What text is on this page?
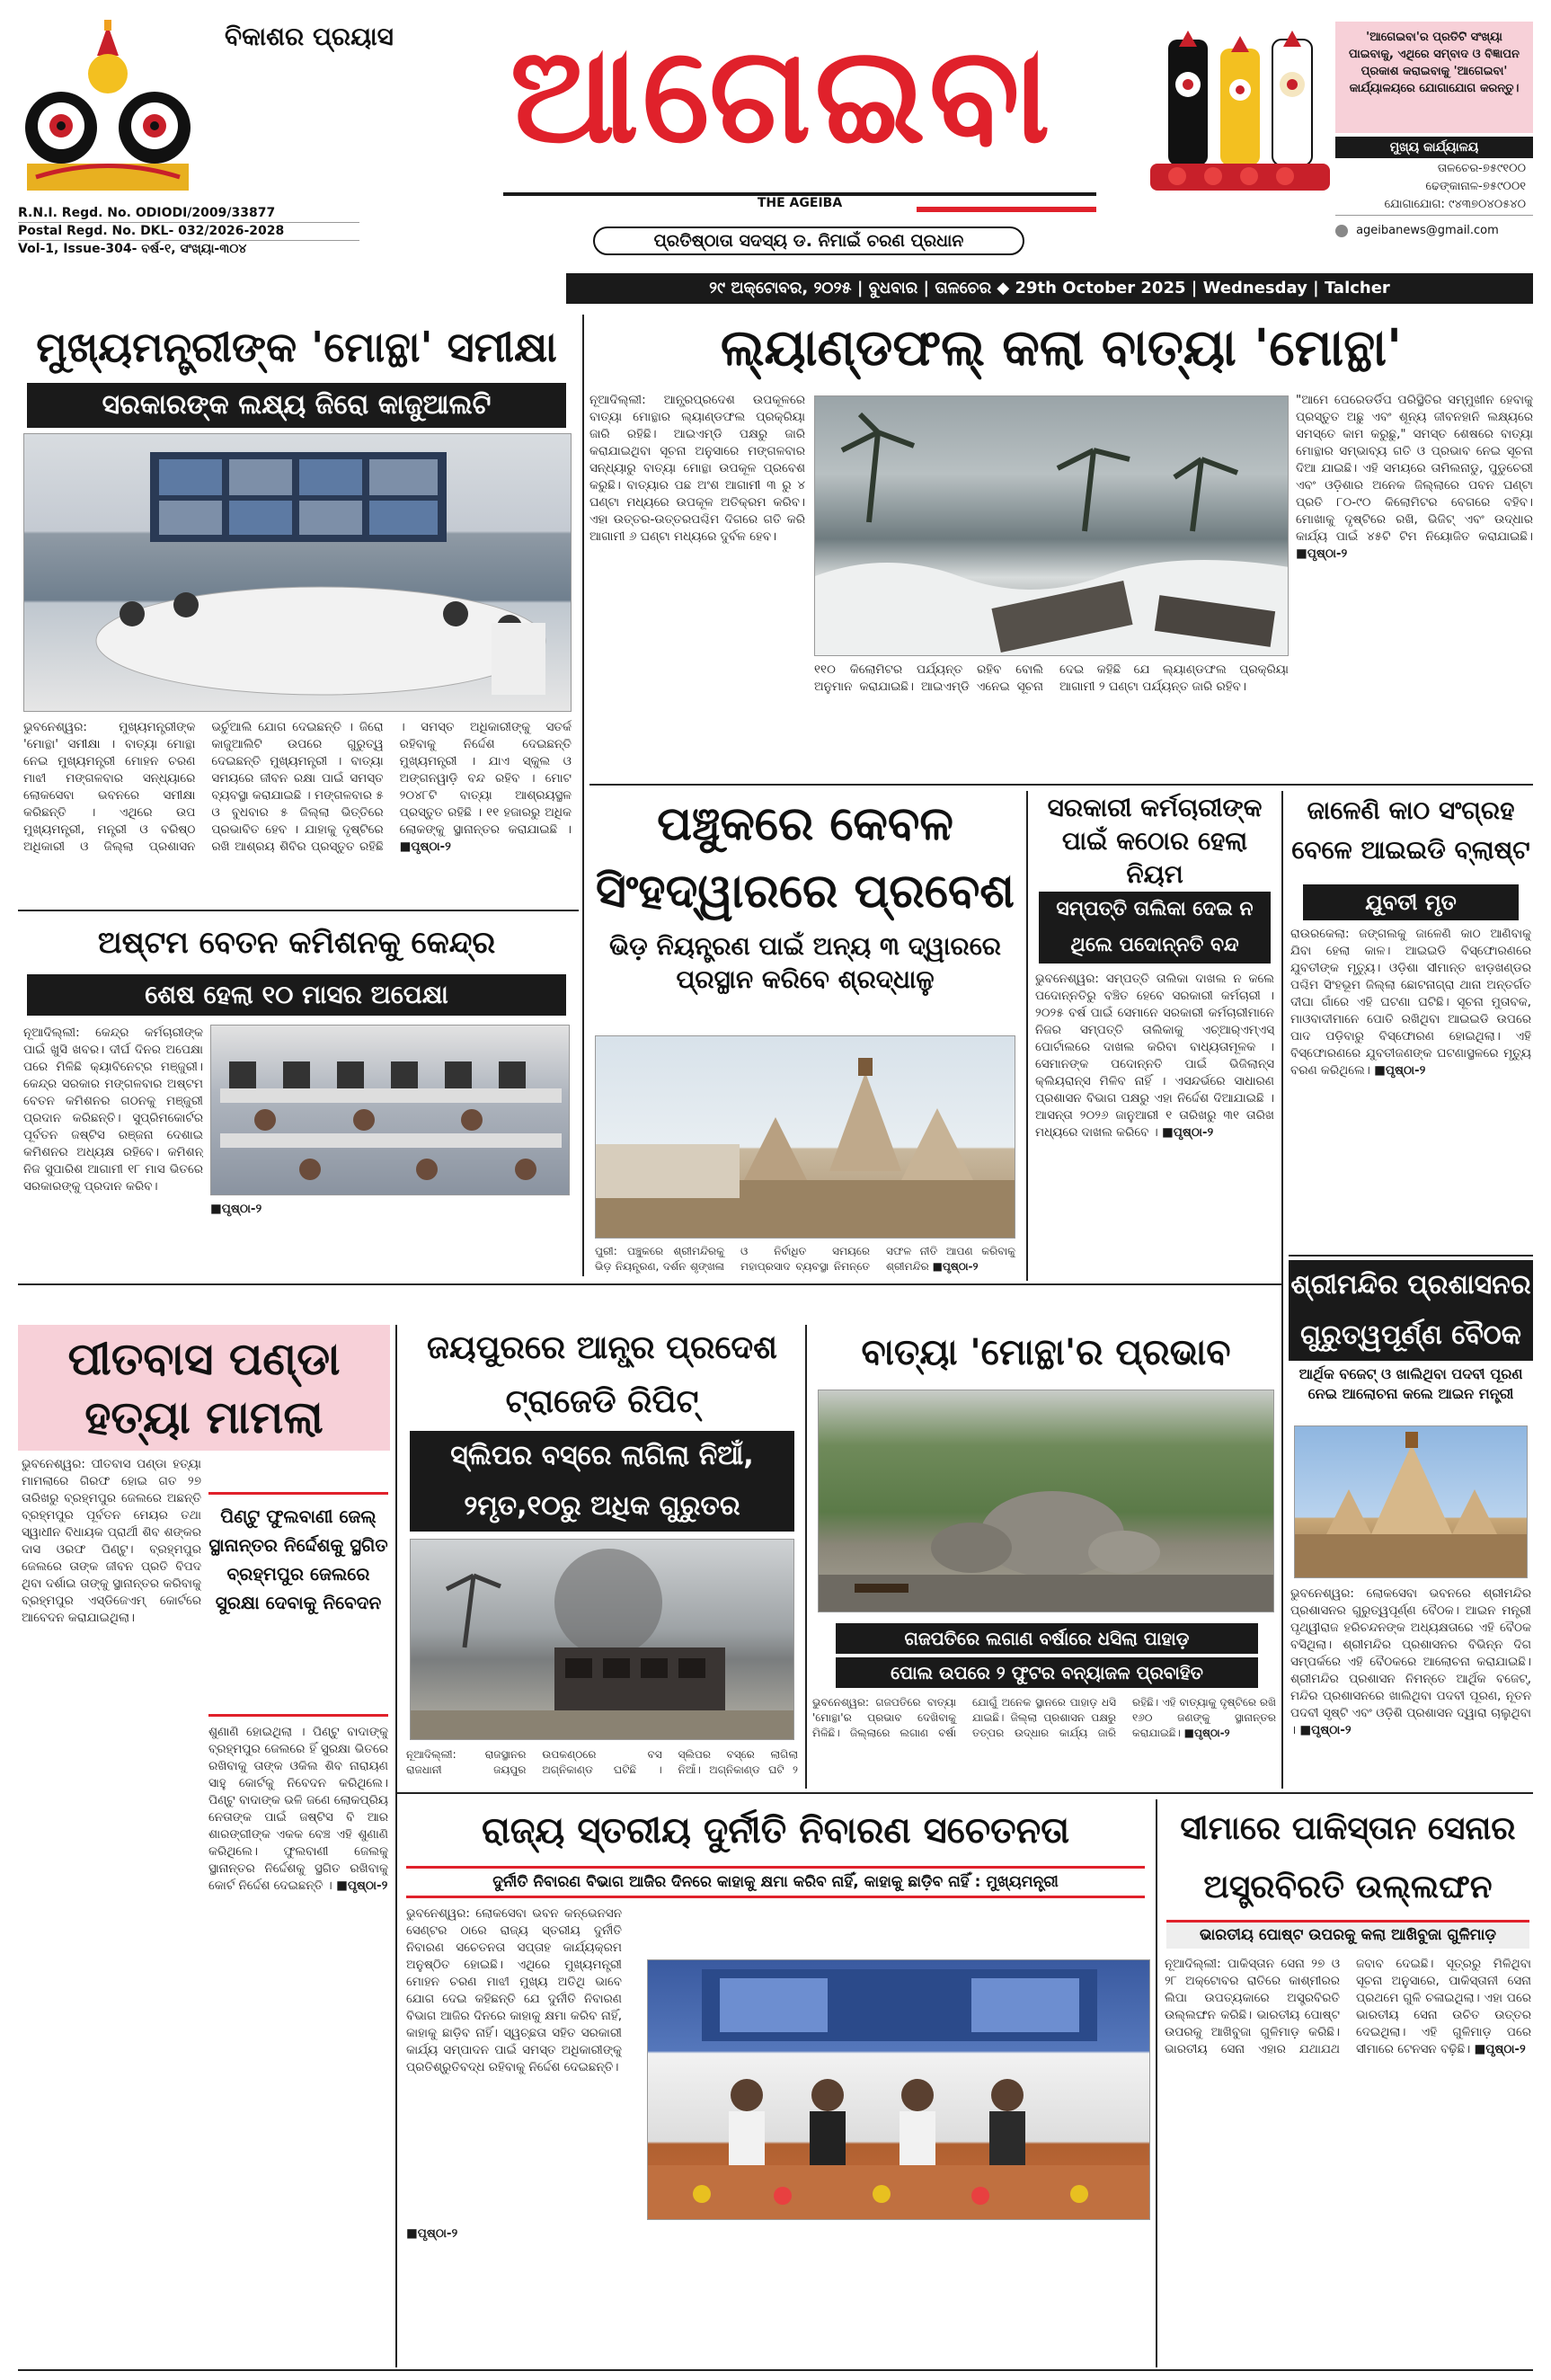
ବିକାଶର ପ୍ରୟାସ ଆଗେଇବା
THE AGEIBA
ପ୍ରତିଷ୍ଠାତା ସଦସ୍ୟ ଡ. ନିମାଇଁ ଚରଣ ପ୍ରଧାନ
'ଆଗେଇବା'ର ପ୍ରତିଟି ସଂଖ୍ୟା ପାଇବାକୁ, ଏଥିରେ ସମ୍ବାଦ ଓ ବିଜ୍ଞାପନ ପ୍ରକାଶ କରାଇବାକୁ 'ଆଗେଇବା' କାର୍ଯ୍ୟାଳୟରେ ଯୋଗାଯୋଗ କରନ୍ତୁ।
ମୁଖ୍ୟ କାର୍ଯ୍ୟାଳୟ
ତାଳଚେର-୭୫୯୧୦୦
ଢେଙ୍କାନାଳ-୭୫୯୦୦୧
ଯୋଗାଯୋଗ: ୯୪୩୭୦୪୦୫୪୦
ageibanews@gmail.com
R.N.I. Regd. No. ODIODI/2009/33877
Postal Regd. No. DKL- 032/2026-2028
Vol-1, Issue-304- ବର୍ଷ-୧, ସଂଖ୍ୟା-୩୦୪
୨୯ ଅକ୍ଟୋବର, ୨୦୨୫ | ବୁଧବାର | ତାଳଚେର ◆ 29th October 2025 | Wednesday | Talcher
ମୁଖ୍ୟମନ୍ତ୍ରୀଙ୍କ 'ମୋନ୍ଥା' ସମୀକ୍ଷା
ସରକାରଙ୍କ ଲକ୍ଷ୍ୟ ଜିରୋ କାଜୁଆଲଟି
ଭୁବନେଶ୍ୱର: ମୁଖ୍ୟମନ୍ତ୍ରୀଙ୍କ 'ମୋନ୍ଥା' ସମୀକ୍ଷା । ବାତ୍ୟା ମୋନ୍ଥା ନେଇ ମୁଖ୍ୟମନ୍ତ୍ରୀ ମୋହନ ଚରଣ ମାଝୀ ମଙ୍ଗଳବାର ସନ୍ଧ୍ୟାରେ ଲୋକସେବା ଭବନରେ ସମୀକ୍ଷା କରିଛନ୍ତି । ଏଥିରେ ଉପ ମୁଖ୍ୟମନ୍ତ୍ରୀ, ମନ୍ତ୍ରୀ ଓ ବରିଷ୍ଠ ଅଧିକାରୀ ଓ ଜିଲ୍ଲା ପ୍ରଶାସନ ଭର୍ଚୁଆଲି ଯୋଗ ଦେଇଛନ୍ତି । ଜିରୋ କାଜୁଆଲିଟି ଉପରେ ଗୁରୁତ୍ୱ ଦେଇଛନ୍ତି ମୁଖ୍ୟମନ୍ତ୍ରୀ । ବାତ୍ୟା ସମୟରେ ଜୀବନ ରକ୍ଷା ପାଇଁ ସମସ୍ତ ବ୍ୟବସ୍ଥା କରାଯାଇଛି । ମଙ୍ଗଳବାର ୫ ଓ ବୁଧବାର ୫ ଜିଲ୍ଲା ଭିତ୍ତିରେ ପ୍ରଭାବିତ ହେବ । ଯାହାକୁ ଦୃଷ୍ଟିରେ ରଖି ଆଶ୍ରୟ ଶିବିର ପ୍ରସ୍ତୁତ ରହିଛି । ସମସ୍ତ ଅଧିକାରୀଙ୍କୁ ସତର୍କ ରହିବାକୁ ନିର୍ଦ୍ଦେଶ ଦେଇଛନ୍ତି ମୁଖ୍ୟମନ୍ତ୍ରୀ । ଯାଏ ସ୍କୁଲ ଓ ଅଙ୍ଗନୱାଡ଼ି ବନ୍ଦ ରହିବ । ମୋଟ ୨୦୪୮ଟି ବାତ୍ୟା ଆଶ୍ରୟସ୍ଥଳ ପ୍ରସ୍ତୁତ ରହିଛି । ୧୧ ହଜାରରୁ ଅଧିକ ଲୋକଙ୍କୁ ସ୍ଥାନାନ୍ତର କରାଯାଇଛି । ■ପୃଷ୍ଠା-୨
ଅଷ୍ଟମ ବେତନ କମିଶନକୁ କେନ୍ଦ୍ର
ଶେଷ ହେଲା ୧୦ ମାସର ଅପେକ୍ଷା
ନୂଆଦିଲ୍ଲୀ: କେନ୍ଦ୍ର କର୍ମଚାରୀଙ୍କ ପାଇଁ ଖୁସି ଖବର। ଦୀର୍ଘ ଦିନର ଅପେକ୍ଷା ପରେ ମିଳିଛି କ୍ୟାବିନେଟ୍‌ର ମଞ୍ଜୁରୀ। କେନ୍ଦ୍ର ସରକାର ମଙ୍ଗଳବାର ଅଷ୍ଟମ ବେତନ କମିଶନର ଗଠନକୁ ମଞ୍ଜୁରୀ ପ୍ରଦାନ କରିଛନ୍ତି। ସୁପ୍ରିମକୋର୍ଟର ପୂର୍ବତନ ଜଷ୍ଟିସ ରଞ୍ଜନା ଦେଶାଇ କମିଶନର ଅଧ୍ୟକ୍ଷ ରହିବେ। କମିଶନ୍ ନିଜ ସୁପାରିଶ ଆଗାମୀ ୧୮ ମାସ ଭିତରେ ସରକାରଙ୍କୁ ପ୍ରଦାନ କରିବ।
■ପୃଷ୍ଠା-୨
ଲ୍ୟାଣ୍ଡଫଲ୍ କଲା ବାତ୍ୟା 'ମୋନ୍ଥା'
ନୂଆଦିଲ୍ଲୀ: ଆନ୍ଧ୍ରପ୍ରଦେଶ ଉପକୂଳରେ ବାତ୍ୟା ମୋନ୍ଥାର ଲ୍ୟାଣ୍ଡଫଲ ପ୍ରକ୍ରିୟା ଜାରି ରହିଛି। ଆଇଏମ୍‌ଡି ପକ୍ଷରୁ ଜାରି କରାଯାଇଥିବା ସୂଚନା ଅନୁସାରେ ମଙ୍ଗଳବାର ସନ୍ଧ୍ୟାରୁ ବାତ୍ୟା ମୋନ୍ଥା ଉପକୂଳ ପ୍ରବେଶ କରୁଛି। ବାତ୍ୟାର ପଛ ଅଂଶ ଆଗାମୀ ୩ ରୁ ୪ ଘଣ୍ଟା ମଧ୍ୟରେ ଉପକୂଳ ଅତିକ୍ରମ କରିବ। ଏହା ଉତ୍ତର-ଉତ୍ତରପଶ୍ଚିମ ଦିଗରେ ଗତି କରି ଆଗାମୀ ୬ ଘଣ୍ଟା ମଧ୍ୟରେ ଦୁର୍ବଳ ହେବ।
"ଆମେ ପେରେଡର୍ଡିପ ପରିସ୍ଥିତିର ସମ୍ମୁଖୀନ ହେବାକୁ ପ୍ରସ୍ତୁତ ଅଛୁ ଏବଂ ଶୂନ୍ୟ ଜୀବନହାନି ଲକ୍ଷ୍ୟରେ ସମସ୍ତେ କାମ କରୁଛୁ," ସମସ୍ତ ଶେଷରେ ବାତ୍ୟା ମୋନ୍ଥାର ସମ୍ଭାବ୍ୟ ଗତି ଓ ପ୍ରଭାବ ନେଇ ସୂଚନା ଦିଆ ଯାଇଛି। ଏହି ସମୟରେ ତାମିଲନାଡୁ, ପୁଡୁଚେରୀ ଏବଂ ଓଡ଼ିଶାର ଅନେକ ଜିଲ୍ଲାରେ ପବନ ଘଣ୍ଟା ପ୍ରତି ୮୦-୯୦ କିଲୋମିଟର ବେଗରେ ବହିବ। ମୋଖାକୁ ଦୃଷ୍ଟିରେ ରଖି, ଭିଜିଟ୍ ଏବଂ ଉଦ୍ଧାର କାର୍ଯ୍ୟ ପାଇଁ ୪୫ଟି ଟିମ ନିୟୋଜିତ କରାଯାଇଛି। ■ପୃଷ୍ଠା-୨
୧୧୦ କିଲୋମିଟର ପର୍ଯ୍ୟନ୍ତ ରହିବ ବୋଲି ଅନୁମାନ କରାଯାଇଛି। ଆଇଏମ୍‌ଡି ଏନେଇ ସୂଚନା ଦେଇ କହିଛି ଯେ ଲ୍ୟାଣ୍ଡଫଲ ପ୍ରକ୍ରିୟା ଆଗାମୀ ୨ ଘଣ୍ଟା ପର୍ଯ୍ୟନ୍ତ ଜାରି ରହିବ।
ପଞ୍ଚୁକରେ କେବଳ ସିଂହଦ୍ୱାରରେ ପ୍ରବେଶ
ଭିଡ଼ ନିୟନ୍ତ୍ରଣ ପାଇଁ ଅନ୍ୟ ୩ ଦ୍ୱାରରେ ପ୍ରସ୍ଥାନ କରିବେ ଶ୍ରଦ୍ଧାଳୁ
ପୁରୀ: ପଞ୍ଚୁକରେ ଶ୍ରୀମନ୍ଦିରକୁ ଭିଡ଼ ନିୟନ୍ତ୍ରଣ, ଦର୍ଶନ ଶୃଙ୍ଖଳା ଓ ନିର୍ବାଧିତ ସମୟରେ ମହାପ୍ରସାଦ ବ୍ୟବସ୍ଥା ନିମନ୍ତେ ସଫଳ ନୀତି ଆପଣ କରିବାକୁ ଶ୍ରୀମନ୍ଦିର ■ପୃଷ୍ଠା-୨
ସରକାରୀ କର୍ମଚାରୀଙ୍କ ପାଇଁ କଠୋର ହେଲା ନିୟମ
ସମ୍ପତ୍ତି ତାଲିକା ଦେଇ ନ ଥିଲେ ପଦୋନ୍ନତି ବନ୍ଦ
ଭୁବନେଶ୍ୱର: ସମ୍ପତ୍ତି ତାଲିକା ଦାଖଲ ନ କଲେ ପଦୋନ୍ନତିରୁ ବଞ୍ଚିତ ହେବେ ସରକାରୀ କର୍ମଚାରୀ । ୨୦୨୫ ବର୍ଷ ପାଇଁ ସେମାନେ ସରକାରୀ କର୍ମଚାରୀମାନେ ନିଜର ସମ୍ପତ୍ତି ତାଲିକାକୁ ଏଚ୍‌ଆର୍‌ଏମ୍‌ଏସ୍ ପୋର୍ଟାଲରେ ଦାଖଲ କରିବା ବାଧ୍ୟତାମୂଳକ । ସେମାନଙ୍କ ପଦୋନ୍ନତି ପାଇଁ ଭିଜିଲାନ୍ସ କ୍ଲିୟରାନ୍ସ ମିଳିବ ନାହିଁ । ଏସନ୍ଦର୍ଭରେ ସାଧାରଣ ପ୍ରଶାସନ ବିଭାଗ ପକ୍ଷରୁ ଏହା ନିର୍ଦ୍ଦେଶ ଦିଆଯାଇଛି । ଆସନ୍ତା ୨୦୨୬ ଜାନୁଆରୀ ୧ ତାରିଖରୁ ୩୧ ତାରିଖ ମଧ୍ୟରେ ଦାଖଲ କରିବେ । ■ପୃଷ୍ଠା-୨
ଜାଳେଣି କାଠ ସଂଗ୍ରହ ବେଳେ ଆଇଇଡି ବ୍ଲାଷ୍ଟ
ଯୁବତୀ ମୃତ
ରାଉରକେଲା: ଜଙ୍ଗଲକୁ ଜାଳେଣି କାଠ ଆଣିବାକୁ ଯିବା ହେଲା କାଳ। ଆଇଇଡି ବିସ୍ଫୋରଣରେ ଯୁବତୀଙ୍କ ମୃତ୍ୟୁ। ଓଡ଼ିଶା ସୀମାନ୍ତ ଝାଡ଼ଖଣ୍ଡର ପଶ୍ଚିମ ସିଂହଭୂମ ଜିଲ୍ଲା ଛୋଟନାଗ୍ରା ଥାନା ଅନ୍ତର୍ଗତ ଦୀଘା ଗାଁରେ ଏହି ଘଟଣା ଘଟିଛି। ସୂଚନା ମୁତାବକ, ମାଓବାଦୀମାନେ ପୋତି ରଖିଥିବା ଆଇଇଡି ଉପରେ ପାଦ ପଡ଼ିବାରୁ ବିସ୍ଫୋରଣ ହୋଇଥିଲା। ଏହି ବିସ୍ଫୋରଣରେ ଯୁବତୀଜଣଙ୍କ ଘଟଣାସ୍ଥଳରେ ମୃତ୍ୟୁ ବରଣ କରିଥିଲେ। ■ପୃଷ୍ଠା-୨
ଶ୍ରୀମନ୍ଦିର ପ୍ରଶାସନର ଗୁରୁତ୍ୱପୂର୍ଣ୍ଣ ବୈଠକ
ଆର୍ଥିକ ବଜେଟ୍ ଓ ଖାଲିଥିବା ପଦବୀ ପୂରଣ ନେଇ ଆଲୋଚନା କଲେ ଆଇନ ମନ୍ତ୍ରୀ
ଭୁବନେଶ୍ୱର: ଲୋକସେବା ଭବନରେ ଶ୍ରୀମନ୍ଦିର ପ୍ରଶାସନର ଗୁରୁତ୍ୱପୂର୍ଣ୍ଣ ବୈଠକ। ଆଇନ ମନ୍ତ୍ରୀ ପୃଥ୍ୱୀରାଜ ହରିଚନ୍ଦନଙ୍କ ଅଧ୍ୟକ୍ଷତାରେ ଏହି ବୈଠକ ବସିଥିଲା। ଶ୍ରୀମନ୍ଦିର ପ୍ରଶାସନର ବିଭିନ୍ନ ଦିଗ ସମ୍ପର୍କରେ ଏହି ବୈଠକରେ ଆଲୋଚନା କରାଯାଇଛି। ଶ୍ରୀମନ୍ଦିର ପ୍ରଶାସନ ନିମନ୍ତେ ଆର୍ଥିକ ବଜେଟ୍, ମନ୍ଦିର ପ୍ରଶାସନରେ ଖାଲିଥିବା ପଦବୀ ପୂରଣ, ନୂତନ ପଦବୀ ସୃଷ୍ଟି ଏବଂ ଓଡ଼ିଶି ପ୍ରଶାସନ ଦ୍ୱାରା ଚାଲୁଥିବା । ■ପୃଷ୍ଠା-୨
ପୀତବାସ ପଣ୍ଡା ହତ୍ୟା ମାମଲା
ଭୁବନେଶ୍ୱର: ପୀତବାସ ପଣ୍ଡା ହତ୍ୟା ମାମଲାରେ ଗିରଫ ହୋଇ ଗତ ୨୭ ତାରିଖରୁ ବ୍ରହ୍ମପୁର ଜେଲରେ ଅଛନ୍ତି ବ୍ରହ୍ମପୁର ପୂର୍ବତନ ମେୟର ତଥା ସ୍ୱାଧୀନ ବିଧାୟକ ପ୍ରାର୍ଥୀ ଶିବ ଶଙ୍କର ଦାସ ଓରଫ ପିଣ୍ଟୁ। ବ୍ରହ୍ମପୁର ଜେଲରେ ତାଙ୍କ ଜୀବନ ପ୍ରତି ବିପଦ ଥିବା ଦର୍ଶାଇ ତାଙ୍କୁ ସ୍ଥାନାନ୍ତର କରିବାକୁ ବ୍ରହ୍ମପୁର ଏସ୍‌ଡିଜେଏମ୍ କୋର୍ଟରେ ଆବେଦନ କରାଯାଇଥିଲା।
ପିଣ୍ଟୁ ଫୁଲବାଣୀ ଜେଲ୍ ସ୍ଥାନାନ୍ତର ନିର୍ଦ୍ଦେଶକୁ ସ୍ଥଗିତ ବ୍ରହ୍ମପୁର ଜେଲରେ ସୁରକ୍ଷା ଦେବାକୁ ନିବେଦନ
ଶୁଣାଣି ହୋଇଥିଲା । ପିଣ୍ଟୁ ବାଦାଙ୍କୁ ବ୍ରହ୍ମପୁର ଜେଲରେ ହିଁ ସୁରକ୍ଷା ଭିତରେ ରଖିବାକୁ ତାଙ୍କ ଓକିଲ ଶିବ ନାରାୟଣ ସାହୁ କୋର୍ଟକୁ ନିବେଦନ କରିଥିଲେ। ପିଣ୍ଟୁ ବାଦାଙ୍କ ଭଳି ଜଣେ ଲୋକପ୍ରିୟ ନେତାଙ୍କ ପାଇଁ ଜଷ୍ଟିସ ବି ଆର ଶାରଙ୍ଗୀଙ୍କ ଏକକ ବେଞ୍ଚ ଏହି ଶୁଣାଣି କରିଥିଲେ। ଫୁଲବାଣୀ ଜେଲକୁ ସ୍ଥାନାନ୍ତର ନିର୍ଦ୍ଦେଶକୁ ସ୍ଥଗିତ ରଖିବାକୁ କୋର୍ଟ ନିର୍ଦ୍ଦେଶ ଦେଇଛନ୍ତି । ■ପୃଷ୍ଠା-୨
ଜୟପୁରରେ ଆନ୍ଧ୍ର ପ୍ରଦେଶ ଟ୍ରାଜେଡି ରିପିଟ୍
ସ୍ଲିପର ବସ୍‌ରେ ଲାଗିଲା ନିଆଁ, ୨ମୃତ,୧୦ରୁ ଅଧିକ ଗୁରୁତର
ନୂଆଦିଲ୍ଲୀ: ରାଜସ୍ଥାନର ରାଜଧାନୀ ଜୟପୁର ଉପକଣ୍ଠରେ ବସ ଅଗ୍ନିକାଣ୍ଡ ଘଟିଛି । ସ୍ଲିପର ବସ୍‌ରେ ଲାଗିଲା ନିଆଁ। ଅଗ୍ନିକାଣ୍ଡ ଘଟି ୨
ବାତ୍ୟା 'ମୋନ୍ଥା'ର ପ୍ରଭାବ
ଗଜପତିରେ ଲଗାଣ ବର୍ଷାରେ ଧସିଲା ପାହାଡ଼
ପୋଲ ଉପରେ ୨ ଫୁଟର ବନ୍ୟାଜଳ ପ୍ରବାହିତ
ଭୁବନେଶ୍ୱର: ଗଜପତିରେ ବାତ୍ୟା 'ମୋନ୍ଥା'ର ପ୍ରଭାବ ଦେଖିବାକୁ ମିଳିଛି। ଜିଲ୍ଲାରେ ଲଗାଣ ବର୍ଷା ଯୋଗୁଁ ଅନେକ ସ୍ଥାନରେ ପାହାଡ଼ ଧସି ଯାଇଛି। ଜିଲ୍ଲା ପ୍ରଶାସନ ପକ୍ଷରୁ ତତ୍ପର ଉଦ୍ଧାର କାର୍ଯ୍ୟ ଜାରି ରହିଛି। ଏହି ବାତ୍ୟାକୁ ଦୃଷ୍ଟିରେ ରଖି ୧୬୦ ଜଣଙ୍କୁ ସ୍ଥାନାନ୍ତର କରାଯାଇଛି। ■ପୃଷ୍ଠା-୨
ରାଜ୍ୟ ସ୍ତରୀୟ ଦୁର୍ନୀତି ନିବାରଣ ସଚେତନତା
ଦୁର୍ନୀତି ନିବାରଣ ବିଭାଗ ଆଜିର ଦିନରେ କାହାକୁ କ୍ଷମା କରିବ ନାହିଁ, କାହାକୁ ଛାଡ଼ିବ ନାହିଁ : ମୁଖ୍ୟମନ୍ତ୍ରୀ
ଭୁବନେଶ୍ୱର: ଲୋକସେବା ଭବନ କନ୍‌ଭେନସନ ସେଣ୍ଟର ଠାରେ ରାଜ୍ୟ ସ୍ତରୀୟ ଦୁର୍ନୀତି ନିବାରଣ ସଚେତନତା ସପ୍ତାହ କାର୍ଯ୍ୟକ୍ରମ ଅନୁଷ୍ଠିତ ହୋଇଛି। ଏଥିରେ ମୁଖ୍ୟମନ୍ତ୍ରୀ ମୋହନ ଚରଣ ମାଝୀ ମୁଖ୍ୟ ଅତିଥି ଭାବେ ଯୋଗ ଦେଇ କହିଛନ୍ତି ଯେ ଦୁର୍ନୀତି ନିବାରଣ ବିଭାଗ ଆଜିର ଦିନରେ କାହାକୁ କ୍ଷମା କରିବ ନାହିଁ, କାହାକୁ ଛାଡ଼ିବ ନାହିଁ। ସ୍ୱଚ୍ଛତା ସହିତ ସରକାରୀ କାର୍ଯ୍ୟ ସମ୍ପାଦନ ପାଇଁ ସମସ୍ତ ଅଧିକାରୀଙ୍କୁ ପ୍ରତିଶ୍ରୁତିବଦ୍ଧ ରହିବାକୁ ନିର୍ଦ୍ଦେଶ ଦେଇଛନ୍ତି।
■ପୃଷ୍ଠା-୨
ସୀମାରେ ପାକିସ୍ତାନ ସେନାର ଅସ୍ତ୍ରବିରତି ଉଲ୍ଲଙ୍ଘନ
ଭାରତୀୟ ପୋଷ୍ଟ ଉପରକୁ କଲା ଆଖିବୁଜା ଗୁଳିମାଡ଼
ନୂଆଦିଲ୍ଲୀ: ପାକିସ୍ତାନ ସେନା ୨୭ ଓ ୨୮ ଅକ୍ଟୋବର ରାତିରେ କାଶ୍ମୀରର ଲିପା ଉପତ୍ୟକାରେ ଅସ୍ତ୍ରବିରତି ଉଲ୍ଲଙ୍ଘନ କରିଛି। ଭାରତୀୟ ପୋଷ୍ଟ ଉପରକୁ ଆଖିବୁଜା ଗୁଳିମାଡ଼ କରିଛି। ଭାରତୀୟ ସେନା ଏହାର ଯଥାଯଥ ଜବାବ ଦେଇଛି। ସୂତ୍ରରୁ ମିଳିଥିବା ସୂଚନା ଅନୁସାରେ, ପାକିସ୍ତାନୀ ସେନା ପ୍ରଥମେ ଗୁଳି ଚଳାଇଥିଲା। ଏହା ପରେ ଭାରତୀୟ ସେନା ଉଚିତ ଉତ୍ତର ଦେଇଥିଲା। ଏହି ଗୁଳିମାଡ଼ ପରେ ସୀମାରେ ଟେନସନ ବଢ଼ିଛି। ■ପୃଷ୍ଠା-୨
